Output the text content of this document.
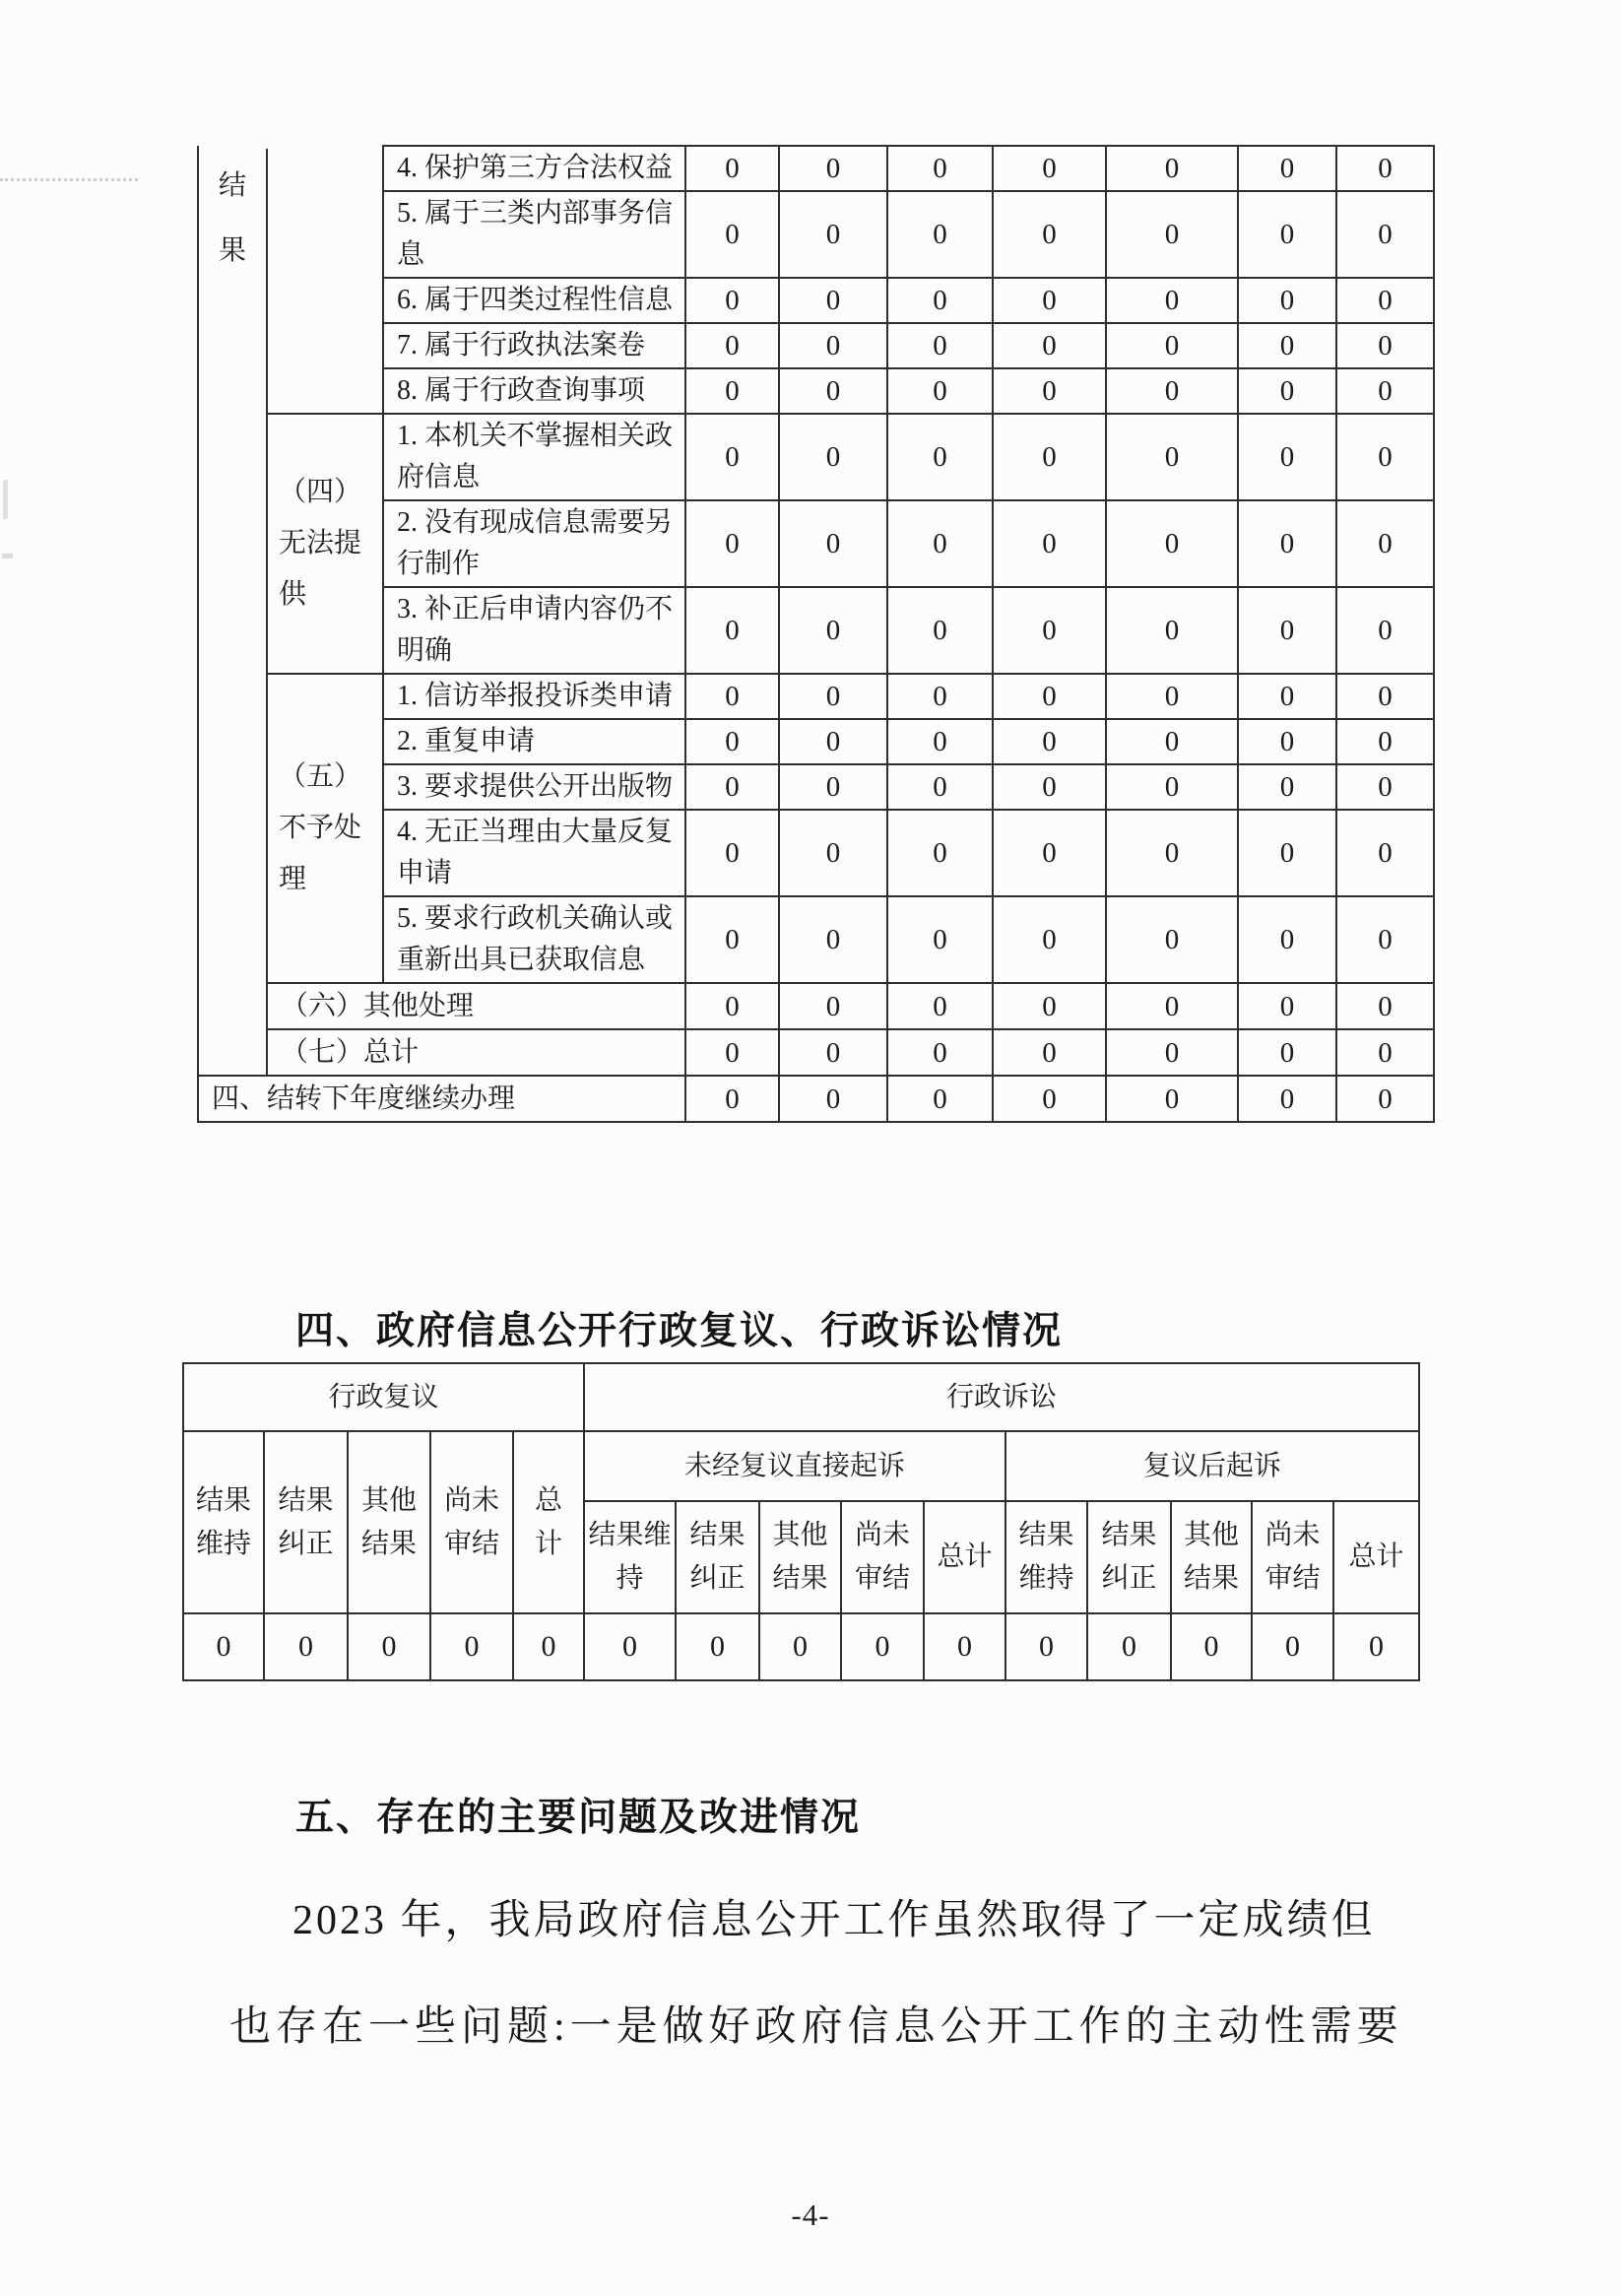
结果		4. 保护第三方合法权益	0	0	0	0	0	0	0
		5. 属于三类内部事务信息	0	0	0	0	0	0	0
		6. 属于四类过程性信息	0	0	0	0	0	0	0
		7. 属于行政执法案卷	0	0	0	0	0	0	0
		8. 属于行政查询事项	0	0	0	0	0	0	0
	（四）无法提供	1. 本机关不掌握相关政府信息	0	0	0	0	0	0	0
		2. 没有现成信息需要另行制作	0	0	0	0	0	0	0
		3. 补正后申请内容仍不明确	0	0	0	0	0	0	0
	（五）不予处理	1. 信访举报投诉类申请	0	0	0	0	0	0	0
		2. 重复申请	0	0	0	0	0	0	0
		3. 要求提供公开出版物	0	0	0	0	0	0	0
		4. 无正当理由大量反复申请	0	0	0	0	0	0	0
		5. 要求行政机关确认或重新出具已获取信息	0	0	0	0	0	0	0
	（六）其他处理		0	0	0	0	0	0	0
	（七）总计		0	0	0	0	0	0	0
四、结转下年度继续办理			0	0	0	0	0	0	0
四、政府信息公开行政复议、行政诉讼情况
行政复议					行政诉讼									
结果维持	结果纠正	其他结果	尚未审结	总计	未经复议直接起诉					复议后起诉				
					结果维持	结果纠正	其他结果	尚未审结	总计	结果维持	结果纠正	其他结果	尚未审结	总计
0	0	0	0	0	0	0	0	0	0	0	0	0	0	0
五、存在的主要问题及改进情况
2023 年，我局政府信息公开工作虽然取得了一定成绩但
也存在一些问题:一是做好政府信息公开工作的主动性需要
-4-
